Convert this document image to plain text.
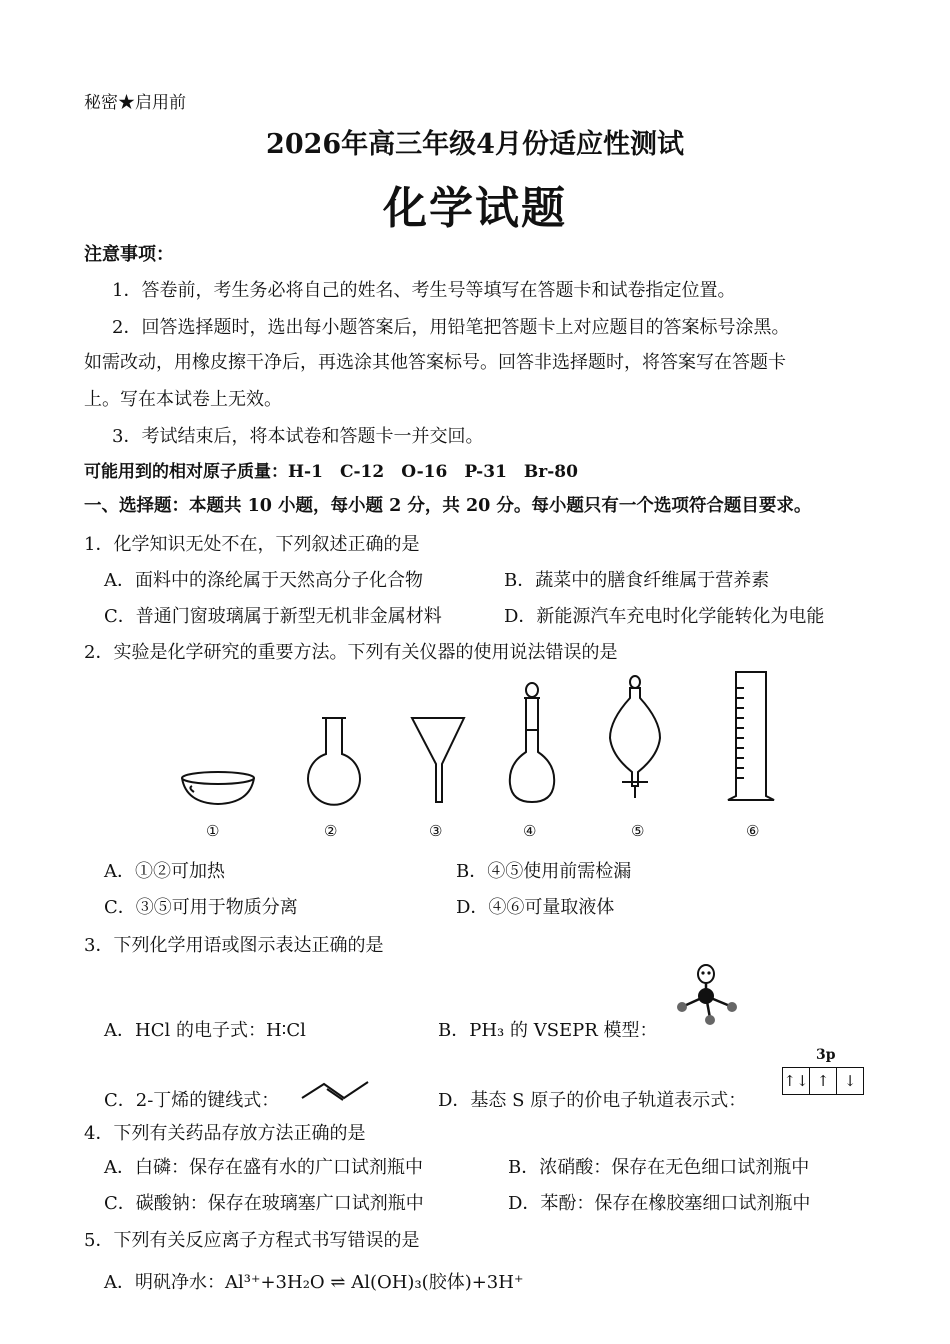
秘密★启用前
2026年高三年级4月份适应性测试
化学试题
注意事项：
1．答卷前，考生务必将自己的姓名、考生号等填写在答题卡和试卷指定位置。
2．回答选择题时，选出每小题答案后，用铅笔把答题卡上对应题目的答案标号涂黑。
如需改动，用橡皮擦干净后，再选涂其他答案标号。回答非选择题时，将答案写在答题卡
上。写在本试卷上无效。
3．考试结束后，将本试卷和答题卡一并交回。
可能用到的相对原子质量：H-1　C-12　O-16　P-31　Br-80
一、选择题：本题共 10 小题，每小题 2 分，共 20 分。每小题只有一个选项符合题目要求。
1．化学知识无处不在，下列叙述正确的是
A．面料中的涤纶属于天然高分子化合物	B．蔬菜中的膳食纤维属于营养素
C．普通门窗玻璃属于新型无机非金属材料	D．新能源汽车充电时化学能转化为电能
2．实验是化学研究的重要方法。下列有关仪器的使用说法错误的是
①	②	③	④	⑤	⑥
A．①②可加热	B．④⑤使用前需检漏
C．③⑤可用于物质分离	D．④⑥可量取液体
3．下列化学用语或图示表达正确的是
A．HCl 的电子式：H∶Cl	B．PH₃ 的 VSEPR 模型：
C．2-丁烯的键线式：	D．基态 S 原子的价电子轨道表示式：
3p
↑↓ ↑ ↓
4．下列有关药品存放方法正确的是
A．白磷：保存在盛有水的广口试剂瓶中	B．浓硝酸：保存在无色细口试剂瓶中
C．碳酸钠：保存在玻璃塞广口试剂瓶中	D．苯酚：保存在橡胶塞细口试剂瓶中
5．下列有关反应离子方程式书写错误的是
A．明矾净水：Al³⁺+3H₂O ⇌ Al(OH)₃(胶体)+3H⁺
